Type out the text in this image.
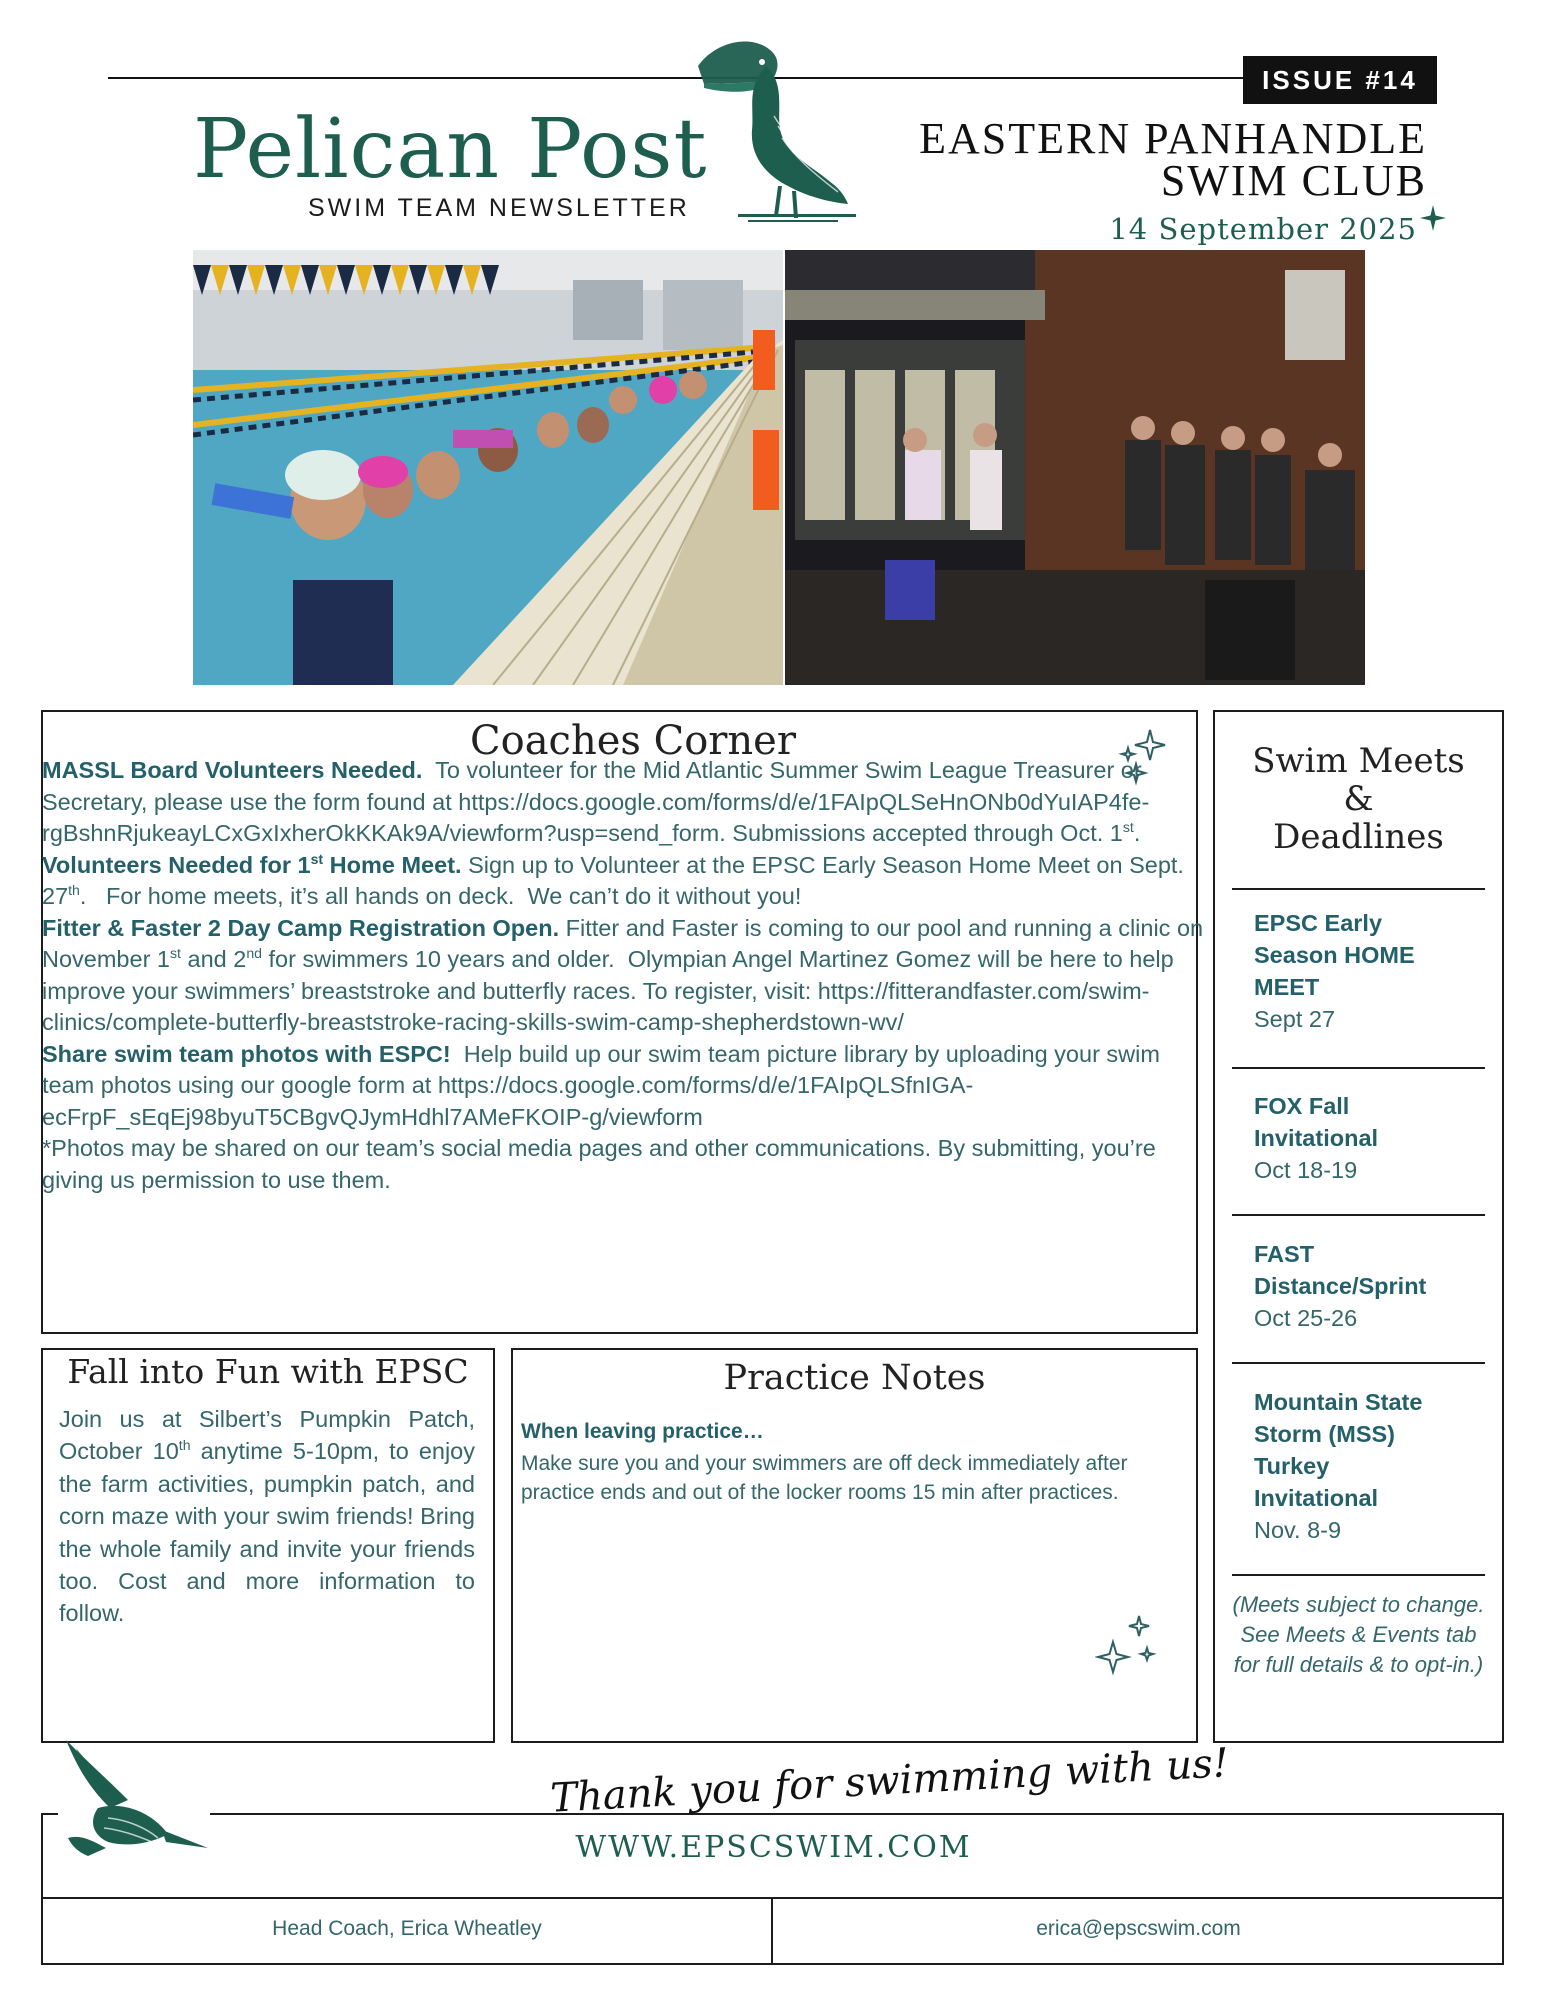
ISSUE #14
Pelican Post
SWIM TEAM NEWSLETTER
EASTERN PANHANDLE
SWIM CLUB
14 September 2025
Coaches Corner

MASSL Board Volunteers Needed.  To volunteer for the Mid Atlantic Summer Swim League Treasurer or Secretary, please use the form found at https://docs.google.com/forms/d/e/1FAIpQLSeHnONb0dYuIAP4fe-rgBshnRjukeayLCxGxIxherOkKKAk9A/viewform?usp=send_form. Submissions accepted through Oct. 1st.

Volunteers Needed for 1st Home Meet. Sign up to Volunteer at the EPSC Early Season Home Meet on Sept. 27th.   For home meets, it’s all hands on deck.  We can’t do it without you!

Fitter & Faster 2 Day Camp Registration Open. Fitter and Faster is coming to our pool and running a clinic on November 1st and 2nd for swimmers 10 years and older.  Olympian Angel Martinez Gomez will be here to help improve your swimmers’ breaststroke and butterfly races. To register, visit: https://fitterandfaster.com/swim-clinics/complete-butterfly-breaststroke-racing-skills-swim-camp-shepherdstown-wv/

Share swim team photos with ESPC!  Help build up our swim team picture library by uploading your swim team photos using our google form at https://docs.google.com/forms/d/e/1FAIpQLSfnIGA-ecFrpF_sEqEj98byuT5CBgvQJymHdhl7AMeFKOIP-g/viewform

*Photos may be shared on our team’s social media pages and other communications. By submitting, you’re giving us permission to use them.

Swim Meets
&
Deadlines
EPSC Early
Season HOME
MEET
Sept 27
FOX Fall
Invitational
Oct 18-19
FAST
Distance/Sprint
Oct 25-26
Mountain State
Storm (MSS)
Turkey
Invitational
Nov. 8-9
(Meets subject to change. See Meets & Events tab for full details & to opt-in.)
Fall into Fun with EPSC
Join us at Silbert’s Pumpkin Patch, October 10th anytime 5-10pm, to enjoy the farm activities, pumpkin patch, and corn maze with your swim friends! Bring the whole family and invite your friends too. Cost and more information to follow.
Practice Notes
When leaving practice…
Make sure you and your swimmers are off deck immediately after practice ends and out of the locker rooms 15 min after practices.
Thank you for swimming with us!
WWW.EPSCSWIM.COM
Head Coach, Erica Wheatley	erica@epscswim.com
